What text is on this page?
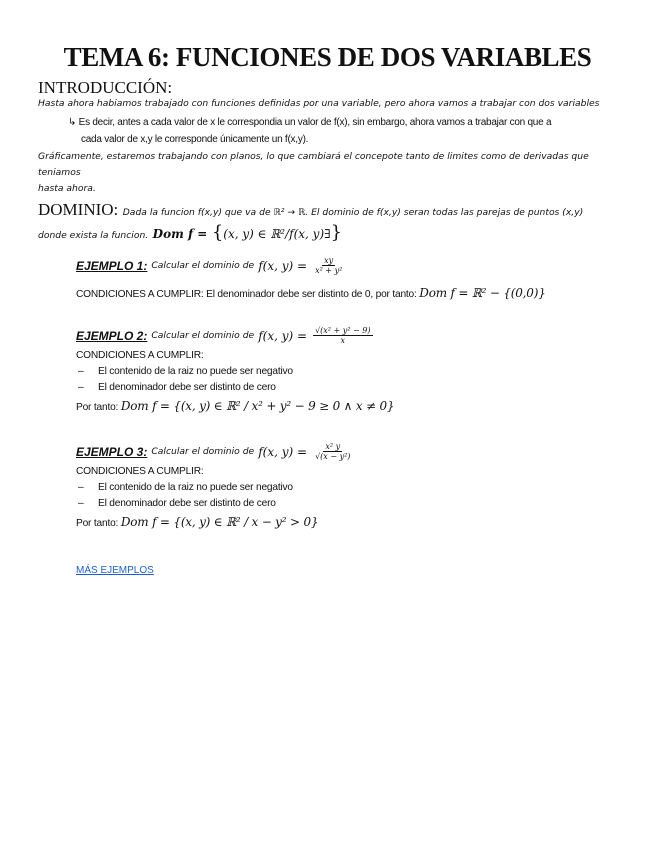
TEMA 6: FUNCIONES DE DOS VARIABLES
INTRODUCCIÓN:
Hasta ahora habiamos trabajado con funciones definidas por una variable, pero ahora vamos a trabajar con dos variables
↳ Es decir, antes a cada valor de x le correspondia un valor de f(x), sin embargo, ahora vamos a trabajar con que a
cada valor de x,y le corresponde únicamente un f(x,y).
Gráficamente, estaremos trabajando con planos, lo que cambiará el concepote tanto de limites como de derivadas que teniamos
hasta ahora.
DOMINIO: Dada la funcion f(x,y) que va de ℝ² → ℝ. El dominio de f(x,y) seran todas las parejas de puntos (x,y)
donde exista la funcion. Dom f = {(x, y) ∈ ℝ²/f(x, y)∃}
EJEMPLO 1: Calcular el dominio de f(x, $y) = \frac{xy}{\text{x² + y²}}$
CONDICIONES A CUMPLIR: El denominador debe ser distinto de 0, por tanto: Dom f = ℝ² − {(0,0)}
EJEMPLO 2: Calcular el dominio de f(x, $y) = \frac{\text{√(x² + y² − 9)}}{x}$
CONDICIONES A CUMPLIR:
–	El contenido de la raiz no puede ser negativo
–	El denominador debe ser distinto de cero
Por tanto: Dom f = {(x, y) ∈ ℝ² / x² + y² − 9 ≥ 0 ∧ x ≠ 0}
EJEMPLO 3: Calcular el dominio de f(x, $y) = \frac{\text{x² y}}{\text{√(x − y²)}}$
CONDICIONES A CUMPLIR:
–	El contenido de la raiz no puede ser negativo
–	El denominador debe ser distinto de cero
Por tanto: Dom f = {(x, y) ∈ ℝ² / x − y² > 0}
MÁS EJEMPLOS
